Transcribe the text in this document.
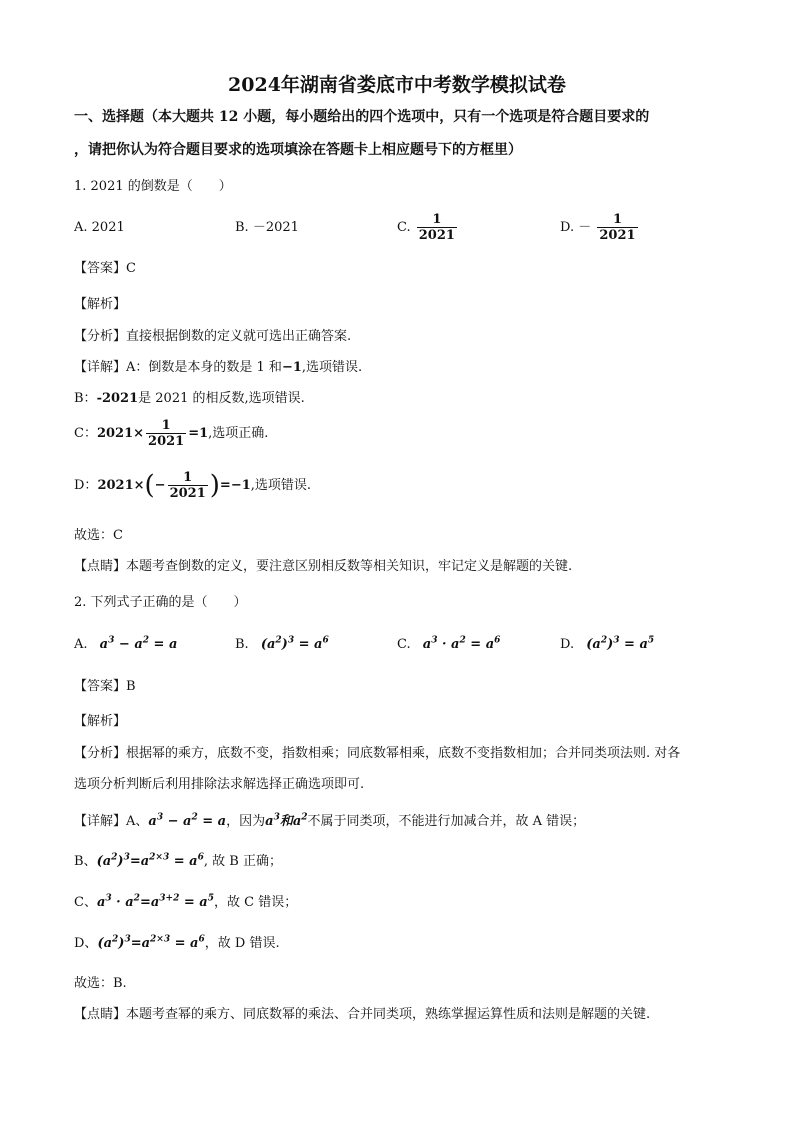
2024年湖南省娄底市中考数学模拟试卷
一、选择题（本大题共 12 小题，每小题给出的四个选项中，只有一个选项是符合题目要求的
，请把你认为符合题目要求的选项填涂在答题卡上相应题号下的方框里）
1. 2021 的倒数是（　　）
A. 2021	B. －2021	C. $\frac{1}{2021}$	D. － $\frac{1}{2021}$
【答案】C
【解析】
【分析】直接根据倒数的定义就可选出正确答案.
【详解】A：倒数是本身的数是 1 和−1,选项错误.
B：-2021是 2021 的相反数,选项错误.
C：$2021\times \frac{1}{2021} =1$,选项正确.
D：$2021\times(- \frac{1}{2021} )=-1$,选项错误.
故选：C
【点睛】本题考查倒数的定义，要注意区别相反数等相关知识，牢记定义是解题的关键.
2. 下列式子正确的是（　　）
A. $a^3 - a^2 = a$	B. $(a^2)^3 = a^6$	C. $a^3 \cdot a^2 = a^6$	D. $(a^2)^3 = a^5$
【答案】B
【解析】
【分析】根据幂的乘方，底数不变，指数相乘；同底数幂相乘，底数不变指数相加；合并同类项法则. 对各
选项分析判断后利用排除法求解选择正确选项即可.
【详解】A、$a^3 - a^2 = a$，因为$a^3$和$a^2$不属于同类项，不能进行加减合并，故 A 错误；
B、$(a^2)^3=a^{2\times 3} = a^6$, 故 B 正确；
C、$a^3 \cdot a^2=a^{3+2} = a^5$，故 C 错误；
D、$(a^2)^3=a^{2\times 3} = a^6$，故 D 错误.
故选：B.
【点睛】本题考查幂的乘方、同底数幂的乘法、合并同类项，熟练掌握运算性质和法则是解题的关键.
